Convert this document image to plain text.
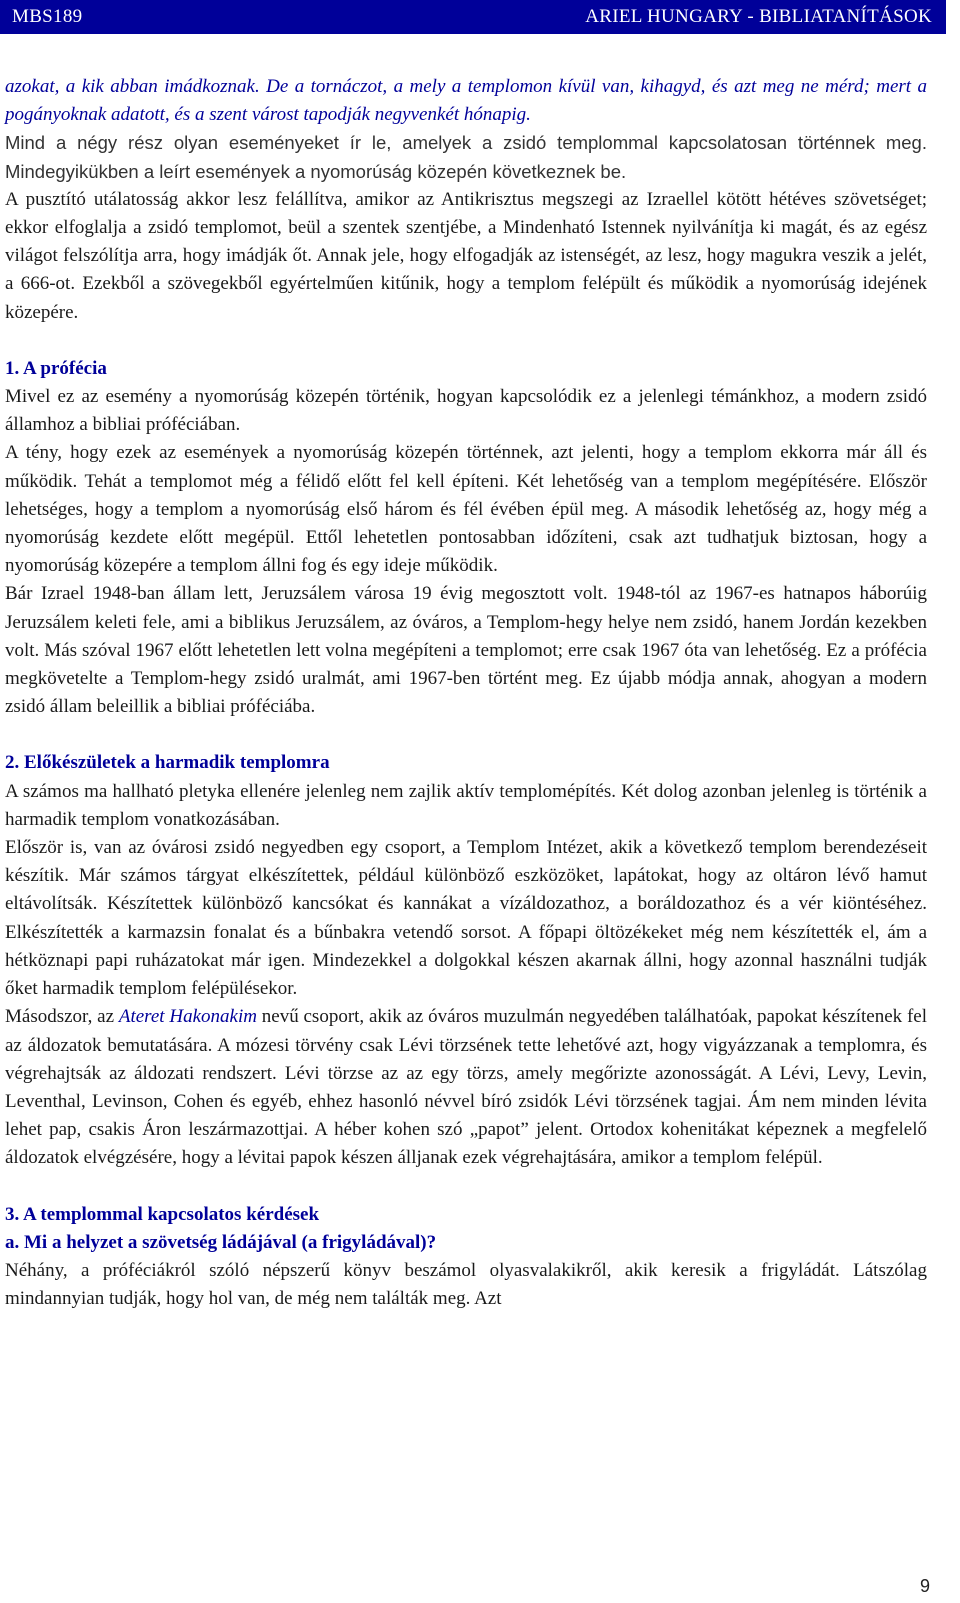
MBS189	ARIEL HUNGARY - BIBLIATANÍTÁSOK

azokat, a kik abban imádkoznak. De a tornáczot, a mely a templomon kívül van, kihagyd, és azt meg ne mérd; mert a pogányoknak adatott, és a szent várost tapodják negyvenkét hónapig.

Mind a négy rész olyan eseményeket ír le, amelyek a zsidó templommal kapcsolatosan történnek meg. Mindegyikükben a leírt események a nyomorúság közepén következnek be.

A pusztító utálatosság akkor lesz felállítva, amikor az Antikrisztus megszegi az Izraellel kötött hétéves szövetséget; ekkor elfoglalja a zsidó templomot, beül a szentek szentjébe, a Mindenható Istennek nyilvánítja ki magát, és az egész világot felszólítja arra, hogy imádják őt. Annak jele, hogy elfogadják az istenségét, az lesz, hogy magukra veszik a jelét, a 666-ot. Ezekből a szövegekből egyértelműen kitűnik, hogy a templom felépült és működik a nyomorúság idejének közepére.

1. A prófécia

Mivel ez az esemény a nyomorúság közepén történik, hogyan kapcsolódik ez a jelenlegi témánkhoz, a modern zsidó államhoz a bibliai próféciában.

A tény, hogy ezek az események a nyomorúság közepén történnek, azt jelenti, hogy a templom ekkorra már áll és működik. Tehát a templomot még a félidő előtt fel kell építeni. Két lehetőség van a templom megépítésére. Először lehetséges, hogy a templom a nyomorúság első három és fél évében épül meg. A második lehetőség az, hogy még a nyomorúság kezdete előtt megépül. Ettől lehetetlen pontosabban időzíteni, csak azt tudhatjuk biztosan, hogy a nyomorúság közepére a templom állni fog és egy ideje működik.

Bár Izrael 1948-ban állam lett, Jeruzsálem városa 19 évig megosztott volt. 1948-tól az 1967-es hatnapos háborúig Jeruzsálem keleti fele, ami a biblikus Jeruzsálem, az óváros, a Templom-hegy helye nem zsidó, hanem Jordán kezekben volt. Más szóval 1967 előtt lehetetlen lett volna megépíteni a templomot; erre csak 1967 óta van lehetőség. Ez a prófécia megkövetelte a Templom-hegy zsidó uralmát, ami 1967-ben történt meg. Ez újabb módja annak, ahogyan a modern zsidó állam beleillik a bibliai próféciába.

2. Előkészületek a harmadik templomra

A számos ma hallható pletyka ellenére jelenleg nem zajlik aktív templomépítés. Két dolog azonban jelenleg is történik a harmadik templom vonatkozásában.

Először is, van az óvárosi zsidó negyedben egy csoport, a Templom Intézet, akik a következő templom berendezéseit készítik. Már számos tárgyat elkészítettek, például különböző eszközöket, lapátokat, hogy az oltáron lévő hamut eltávolítsák. Készítettek különböző kancsókat és kannákat a vízáldozathoz, a boráldozathoz és a vér kiöntéséhez. Elkészítették a karmazsin fonalat és a bűnbakra vetendő sorsot. A főpapi öltözékeket még nem készítették el, ám a hétköznapi papi ruházatokat már igen. Mindezekkel a dolgokkal készen akarnak állni, hogy azonnal használni tudják őket harmadik templom felépülésekor.

Másodszor, az Ateret Hakonakim nevű csoport, akik az óváros muzulmán negyedében találhatóak, papokat készítenek fel az áldozatok bemutatására. A mózesi törvény csak Lévi törzsének tette lehetővé azt, hogy vigyázzanak a templomra, és végrehajtsák az áldozati rendszert. Lévi törzse az az egy törzs, amely megőrizte azonosságát. A Lévi, Levy, Levin, Leventhal, Levinson, Cohen és egyéb, ehhez hasonló névvel bíró zsidók Lévi törzsének tagjai. Ám nem minden lévita lehet pap, csakis Áron leszármazottjai. A héber kohen szó „papot” jelent. Ortodox kohenitákat képeznek a megfelelő áldozatok elvégzésére, hogy a lévitai papok készen álljanak ezek végrehajtására, amikor a templom felépül.

3. A templommal kapcsolatos kérdések

a. Mi a helyzet a szövetség ládájával (a frigyládával)?

Néhány, a próféciákról szóló népszerű könyv beszámol olyasvalakikről, akik keresik a frigyládát. Látszólag mindannyian tudják, hogy hol van, de még nem találták meg. Azt

9
